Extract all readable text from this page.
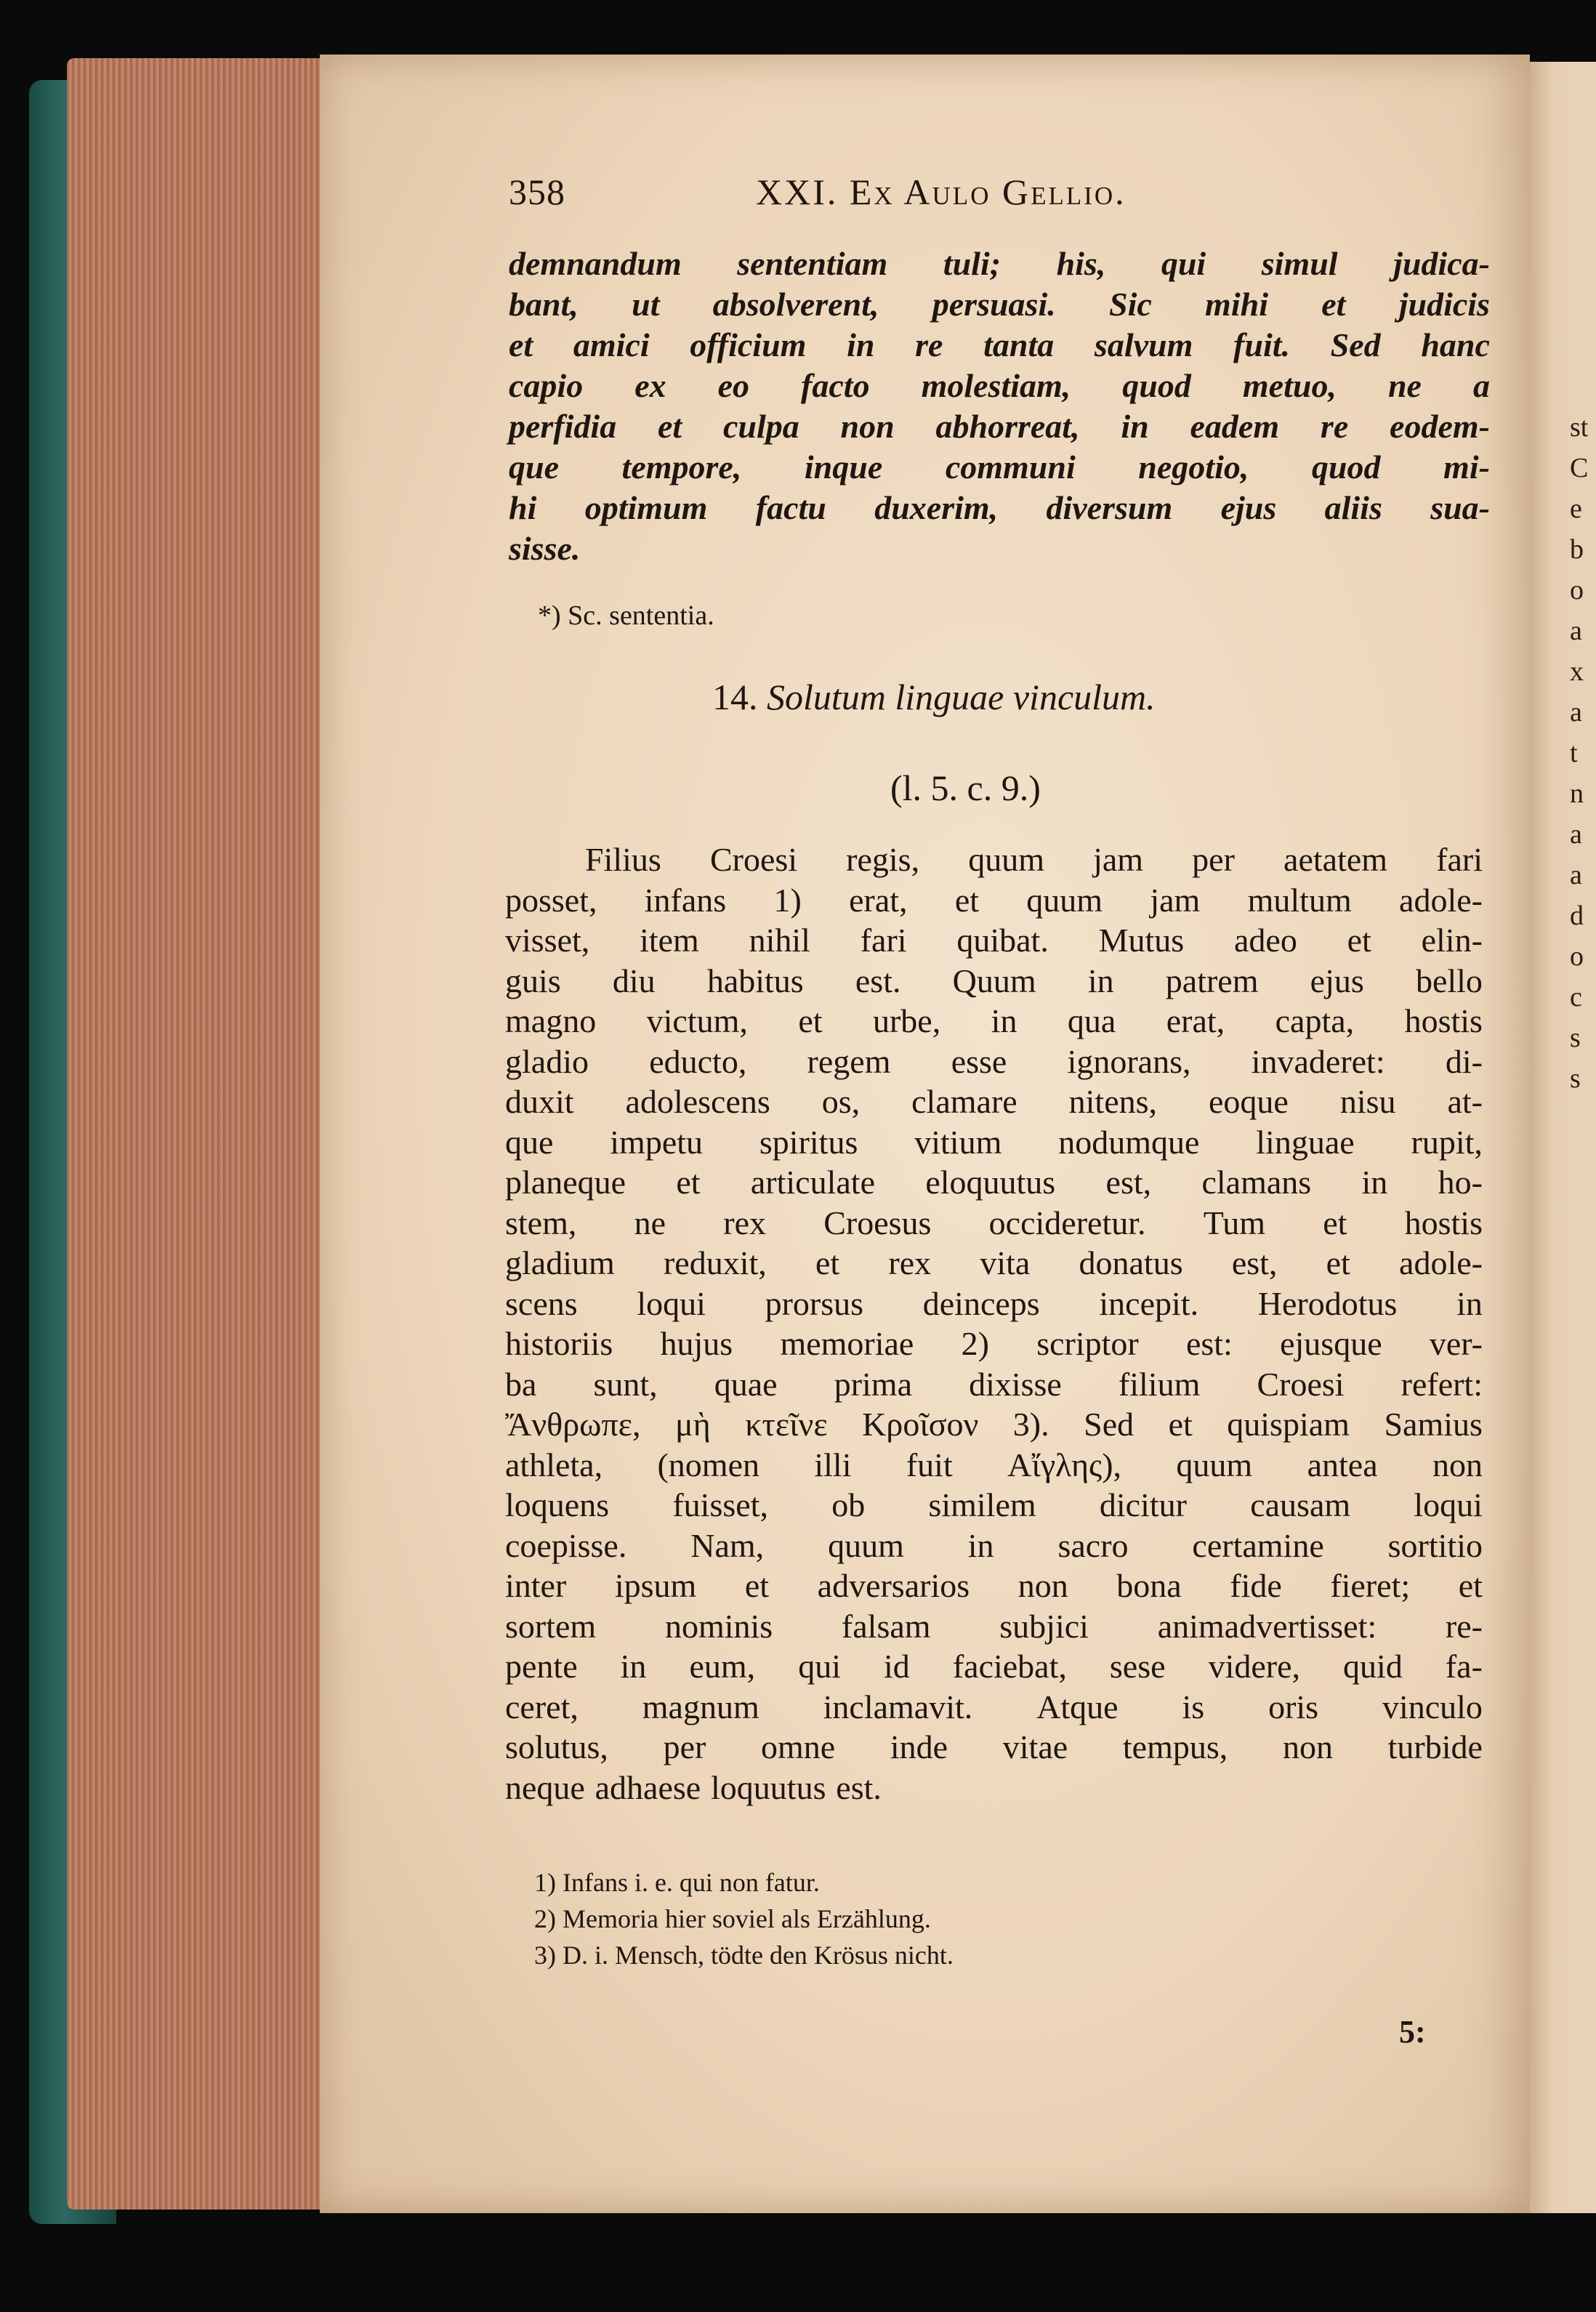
st
C
e
b
o
a
x
a
t
n
a
a
d
o
c
s
s
358	XXI. Ex Aulo Gellio.
demnandum sententiam tuli; his, qui simul judica-
bant, ut absolverent, persuasi. Sic mihi et judicis
et amici officium in re tanta salvum fuit. Sed hanc
capio ex eo facto molestiam, quod metuo, ne a
perfidia et culpa non abhorreat, in eadem re eodem-
que tempore, inque communi negotio, quod mi-
hi optimum factu duxerim, diversum ejus aliis sua-
sisse.
*) Sc. sententia.
14. Solutum linguae vinculum.
(l. 5. c. 9.)
Filius Croesi regis, quum jam per aetatem fari
posset, infans 1) erat, et quum jam multum adole-
visset, item nihil fari quibat. Mutus adeo et elin-
guis diu habitus est. Quum in patrem ejus bello
magno victum, et urbe, in qua erat, capta, hostis
gladio educto, regem esse ignorans, invaderet: di-
duxit adolescens os, clamare nitens, eoque nisu at-
que impetu spiritus vitium nodumque linguae rupit,
planeque et articulate eloquutus est, clamans in ho-
stem, ne rex Croesus occideretur. Tum et hostis
gladium reduxit, et rex vita donatus est, et adole-
scens loqui prorsus deinceps incepit. Herodotus in
historiis hujus memoriae 2) scriptor est: ejusque ver-
ba sunt, quae prima dixisse filium Croesi refert:
Ἄνθρωπε, μὴ κτεῖνε Κροῖσον 3). Sed et quispiam Samius
athleta, (nomen illi fuit Αἴγλης), quum antea non
loquens fuisset, ob similem dicitur causam loqui
coepisse. Nam, quum in sacro certamine sortitio
inter ipsum et adversarios non bona fide fieret; et
sortem nominis falsam subjici animadvertisset: re-
pente in eum, qui id faciebat, sese videre, quid fa-
ceret, magnum inclamavit. Atque is oris vinculo
solutus, per omne inde vitae tempus, non turbide
neque adhaese loquutus est.
1) Infans i. e. qui non fatur.
2) Memoria hier soviel als Erzählung.
3) D. i. Mensch, tödte den Krösus nicht.
5:
